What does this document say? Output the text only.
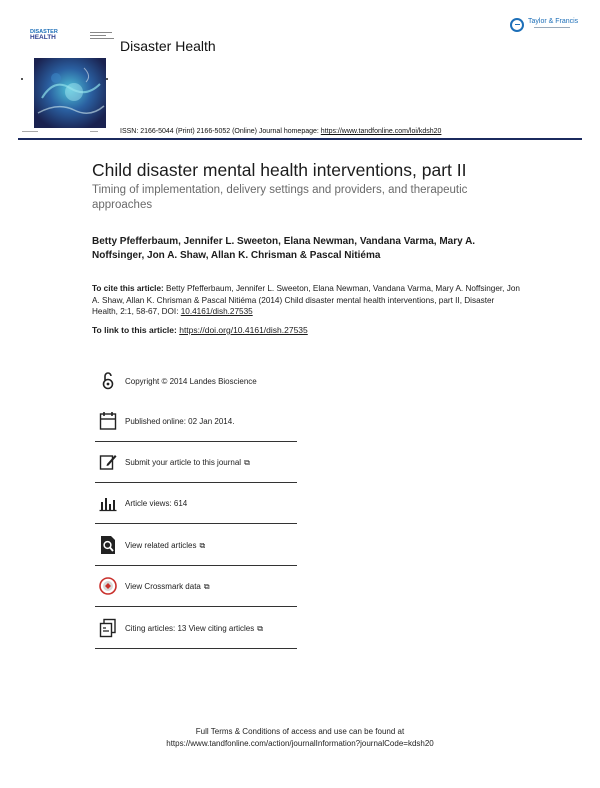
DISASTER
HEALTH
Disaster Health
Taylor & Francis
ISSN: 2166-5044 (Print) 2166-5052 (Online) Journal homepage: https://www.tandfonline.com/loi/kdsh20
Child disaster mental health interventions, part II
Timing of implementation, delivery settings and providers, and therapeutic approaches
Betty Pfefferbaum, Jennifer L. Sweeton, Elana Newman, Vandana Varma, Mary A. Noffsinger, Jon A. Shaw, Allan K. Chrisman & Pascal Nitiéma
To cite this article: Betty Pfefferbaum, Jennifer L. Sweeton, Elana Newman, Vandana Varma, Mary A. Noffsinger, Jon A. Shaw, Allan K. Chrisman & Pascal Nitiéma (2014) Child disaster mental health interventions, part II, Disaster Health, 2:1, 58-67, DOI: 10.4161/dish.27535
To link to this article: https://doi.org/10.4161/dish.27535
Copyright © 2014 Landes Bioscience
Published online: 02 Jan 2014.
Submit your article to this journal ⧉
Article views: 614
View related articles ⧉
View Crossmark data ⧉
Citing articles: 13 View citing articles ⧉
Full Terms & Conditions of access and use can be found at
https://www.tandfonline.com/action/journalInformation?journalCode=kdsh20
